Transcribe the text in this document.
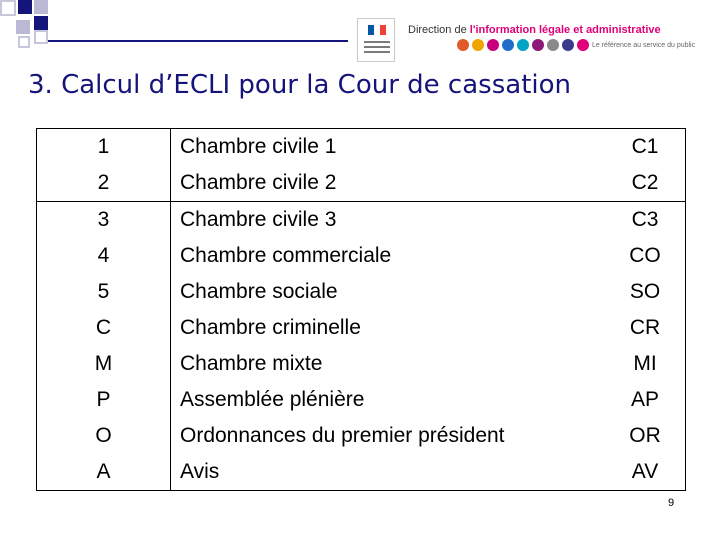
Direction de l'information légale et administrative
Le référence au service du public
3. Calcul d’ECLI pour la Cour de cassation
1	Chambre civile 1	C1
2	Chambre civile 2	C2
3	Chambre civile 3	C3
4	Chambre commerciale	CO
5	Chambre sociale	SO
C	Chambre criminelle	CR
M	Chambre mixte	MI
P	Assemblée plénière	AP
O	Ordonnances du premier président	OR
A	Avis	AV
9
